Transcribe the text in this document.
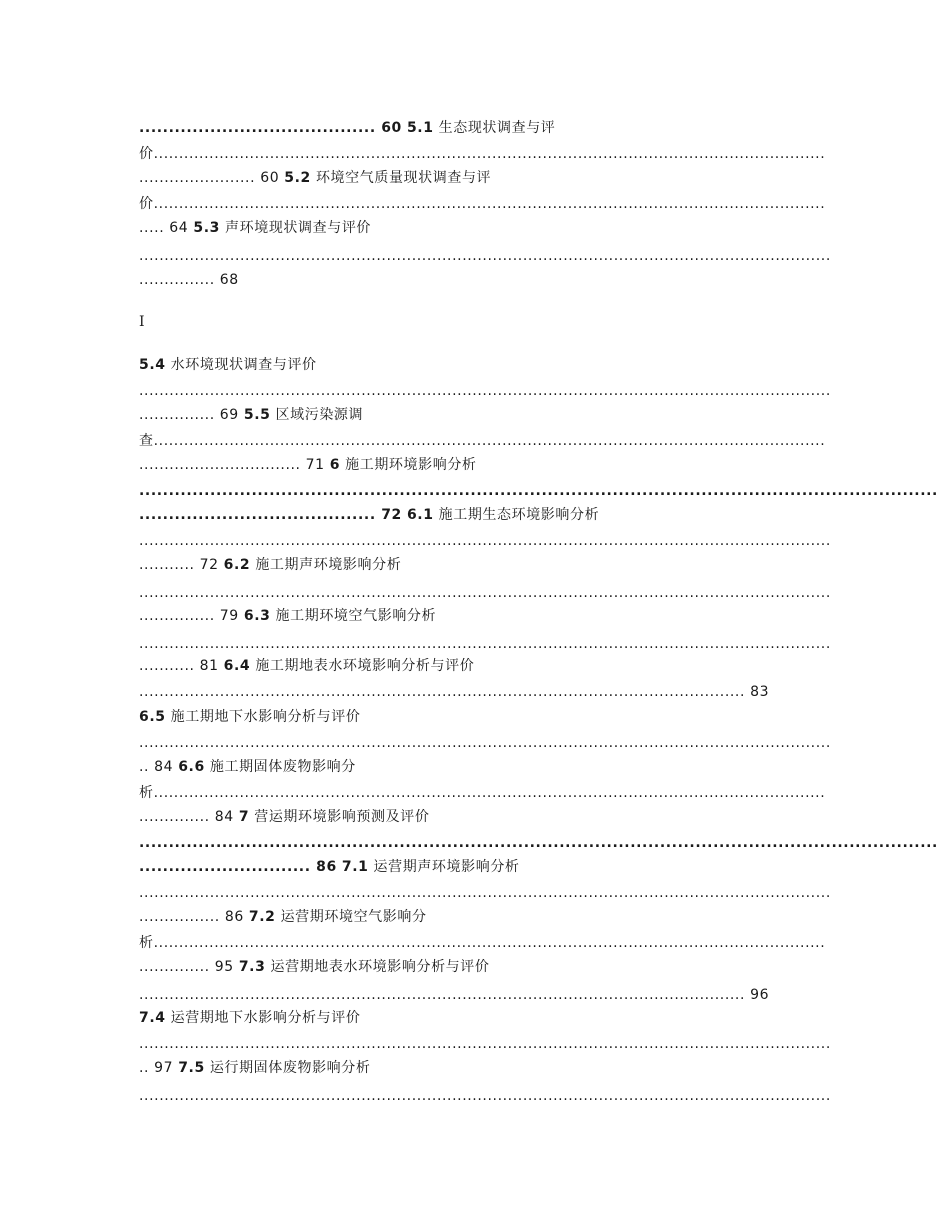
I
........................................ 60 5.1 生态现状调查与评
价.....................................................................................................................................
....................... 60 5.2 环境空气质量现状调查与评
价.....................................................................................................................................
..... 64 5.3 声环境现状调查与评价
.........................................................................................................................................
............... 68
5.4 水环境现状调查与评价
.........................................................................................................................................
............... 69 5.5 区域污染源调
查.....................................................................................................................................
................................ 71 6 施工期环境影响分析
.......................................................................................................................................
........................................ 72 6.1 施工期生态环境影响分析
.........................................................................................................................................
........... 72 6.2 施工期声环境影响分析
.........................................................................................................................................
............... 79 6.3 施工期环境空气影响分析
.........................................................................................................................................
........... 81 6.4 施工期地表水环境影响分析与评价
........................................................................................................................ 83
6.5 施工期地下水影响分析与评价
.........................................................................................................................................
.. 84 6.6 施工期固体废物影响分
析.....................................................................................................................................
.............. 84 7 营运期环境影响预测及评价
.......................................................................................................................................
............................. 86 7.1 运营期声环境影响分析
.........................................................................................................................................
................ 86 7.2 运营期环境空气影响分
析.....................................................................................................................................
.............. 95 7.3 运营期地表水环境影响分析与评价
........................................................................................................................ 96
7.4 运营期地下水影响分析与评价
.........................................................................................................................................
.. 97 7.5 运行期固体废物影响分析
.........................................................................................................................................
